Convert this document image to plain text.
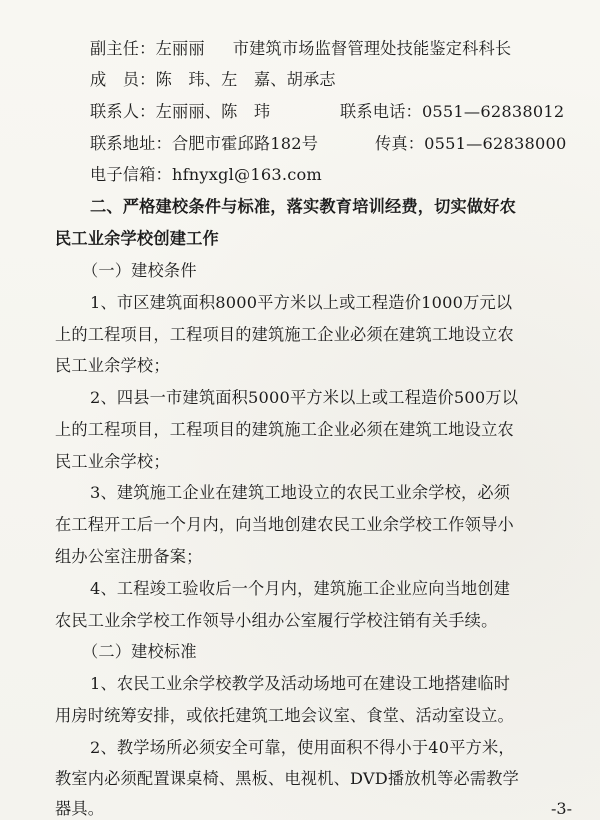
副主任：左丽丽 市建筑市场监督管理处技能鉴定科科长
成　员：陈　玮、左　嘉、胡承志
联系人：左丽丽、陈　玮	联系电话：0551—62838012
联系地址：合肥市霍邱路182号	传真：0551—62838000
电子信箱：hfnyxgl@163.com
二、严格建校条件与标准，落实教育培训经费，切实做好农
民工业余学校创建工作
（一）建校条件
1、市区建筑面积8000平方米以上或工程造价1000万元以
上的工程项目，工程项目的建筑施工企业必须在建筑工地设立农
民工业余学校；
2、四县一市建筑面积5000平方米以上或工程造价500万以
上的工程项目，工程项目的建筑施工企业必须在建筑工地设立农
民工业余学校；
3、建筑施工企业在建筑工地设立的农民工业余学校，必须
在工程开工后一个月内，向当地创建农民工业余学校工作领导小
组办公室注册备案；
4、工程竣工验收后一个月内，建筑施工企业应向当地创建
农民工业余学校工作领导小组办公室履行学校注销有关手续。
（二）建校标准
1、农民工业余学校教学及活动场地可在建设工地搭建临时
用房时统筹安排，或依托建筑工地会议室、食堂、活动室设立。
2、教学场所必须安全可靠，使用面积不得小于40平方米，
教室内必须配置课桌椅、黑板、电视机、DVD播放机等必需教学
器具。	-3-
